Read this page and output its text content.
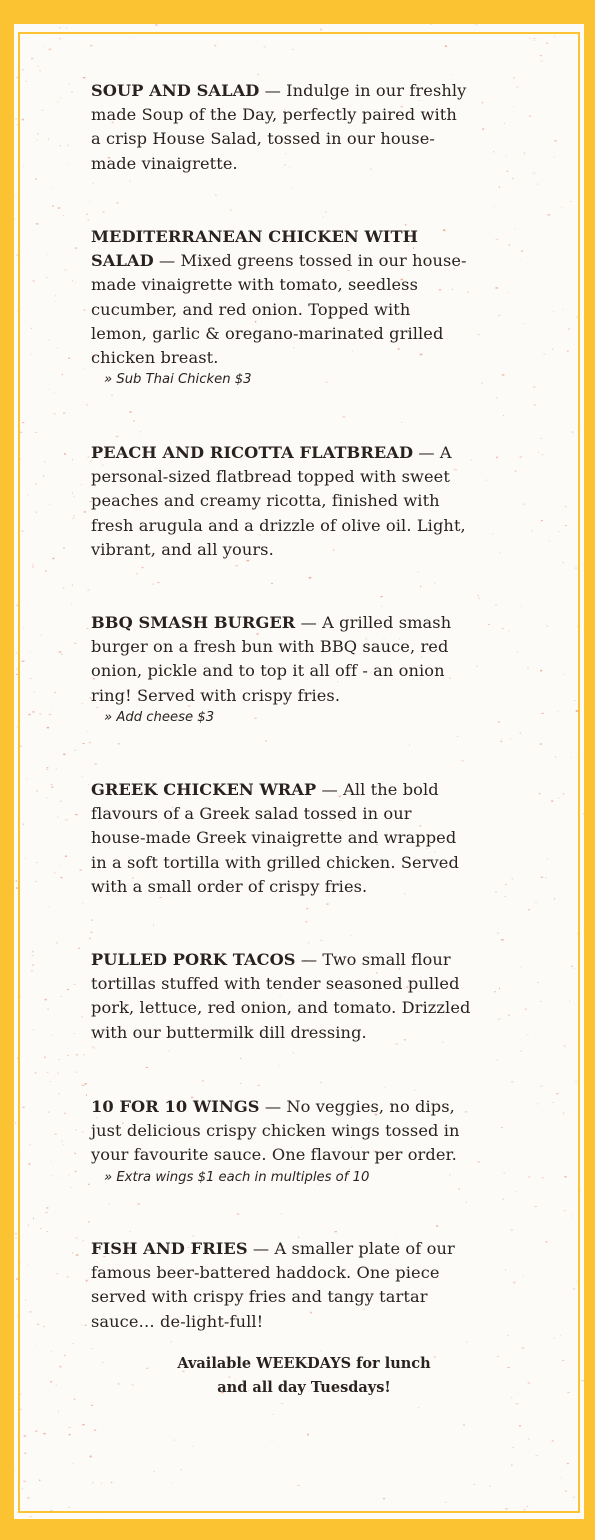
SOUP AND SALAD — Indulge in our freshly made Soup of the Day, perfectly paired with a crisp House Salad, tossed in our house-made vinaigrette.

MEDITERRANEAN CHICKEN WITH SALAD — Mixed greens tossed in our house-made vinaigrette with tomato, seedless cucumber, and red onion. Topped with lemon, garlic & oregano-marinated grilled chicken breast.

» Sub Thai Chicken $3

PEACH AND RICOTTA FLATBREAD — A personal-sized flatbread topped with sweet peaches and creamy ricotta, finished with fresh arugula and a drizzle of olive oil. Light, vibrant, and all yours.

BBQ SMASH BURGER — A grilled smash burger on a fresh bun with BBQ sauce, red onion, pickle and to top it all off - an onion ring! Served with crispy fries.

» Add cheese $3

GREEK CHICKEN WRAP — All the bold flavours of a Greek salad tossed in our house-made Greek vinaigrette and wrapped in a soft tortilla with grilled chicken. Served with a small order of crispy fries.

PULLED PORK TACOS — Two small flour tortillas stuffed with tender seasoned pulled pork, lettuce, red onion, and tomato. Drizzled with our buttermilk dill dressing.

10 FOR 10 WINGS — No veggies, no dips, just delicious crispy chicken wings tossed in your favourite sauce. One flavour per order.

» Extra wings $1 each in multiples of 10

FISH AND FRIES — A smaller plate of our famous beer-battered haddock. One piece served with crispy fries and tangy tartar sauce… de-light-full!

Available WEEKDAYS for lunch
and all day Tuesdays!
